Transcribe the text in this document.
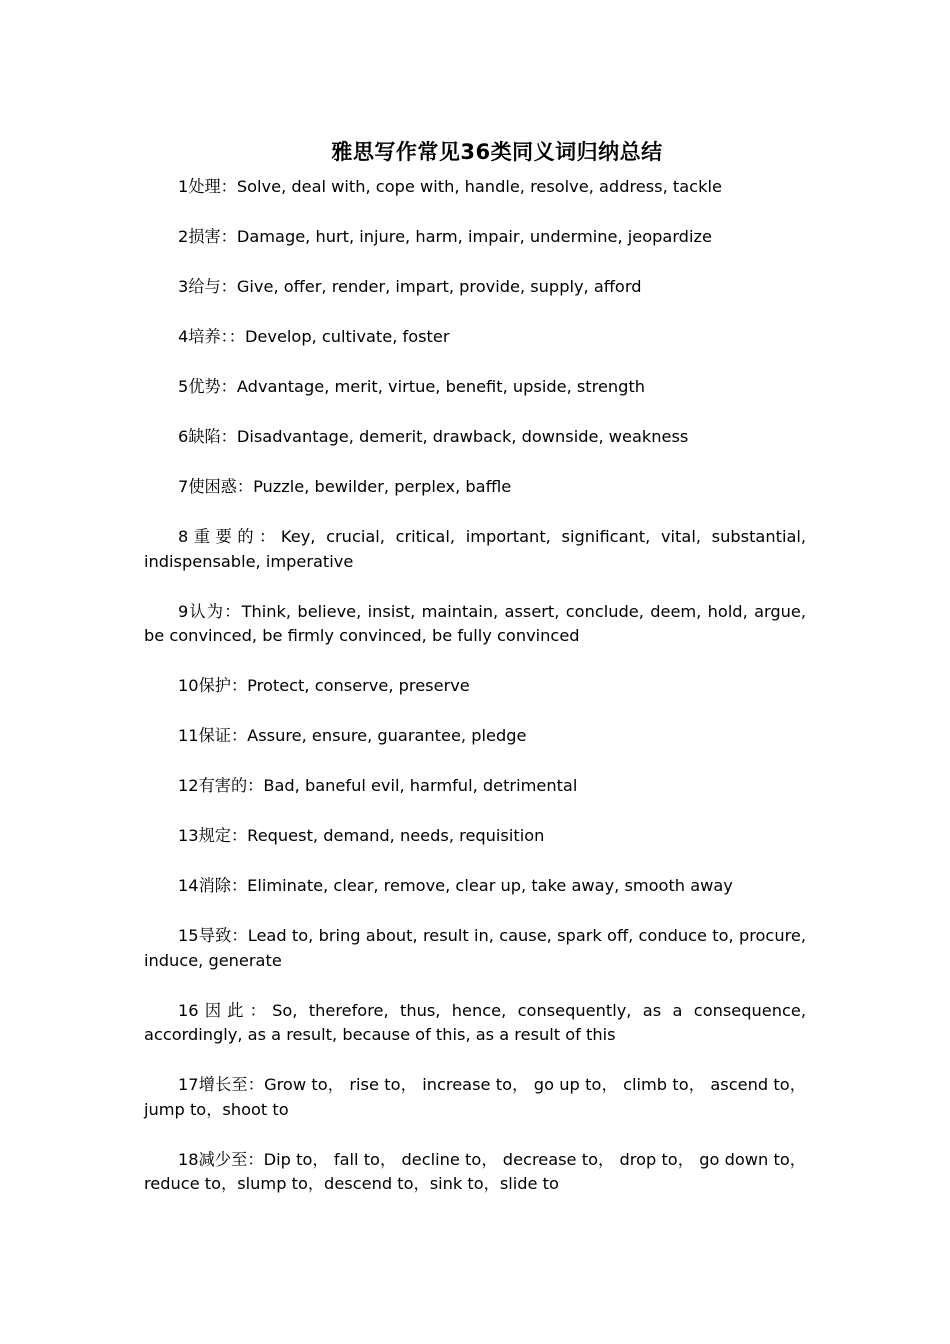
雅思写作常见36类同义词归纳总结

1处理：Solve, deal with, cope with, handle, resolve, address, tackle

2损害：Damage, hurt, injure, harm, impair, undermine, jeopardize

3给与：Give, offer, render, impart, provide, supply, afford

4培养：：Develop, cultivate, foster

5优势：Advantage, merit, virtue, benefit, upside, strength

6缺陷：Disadvantage, demerit, drawback, downside, weakness

7使困惑：Puzzle, bewilder, perplex, baffle

8重要的：Key, crucial, critical, important, significant, vital, substantial, indispensable, imperative

9认为：Think, believe, insist, maintain, assert, conclude, deem, hold, argue, be convinced, be firmly convinced, be fully convinced

10保护：Protect, conserve, preserve

11保证：Assure, ensure, guarantee, pledge

12有害的：Bad, baneful evil, harmful, detrimental

13规定：Request, demand, needs, requisition

14消除：Eliminate, clear, remove, clear up, take away, smooth away

15导致：Lead to, bring about, result in, cause, spark off, conduce to, procure, induce, generate

16因此：So, therefore, thus, hence, consequently, as a consequence, accordingly, as a result, because of this, as a result of this

17增长至：Grow to， rise to， increase to， go up to， climb to， ascend to，jump to，shoot to

18减少至：Dip to， fall to， decline to， decrease to， drop to， go down to，reduce to，slump to，descend to，sink to，slide to
